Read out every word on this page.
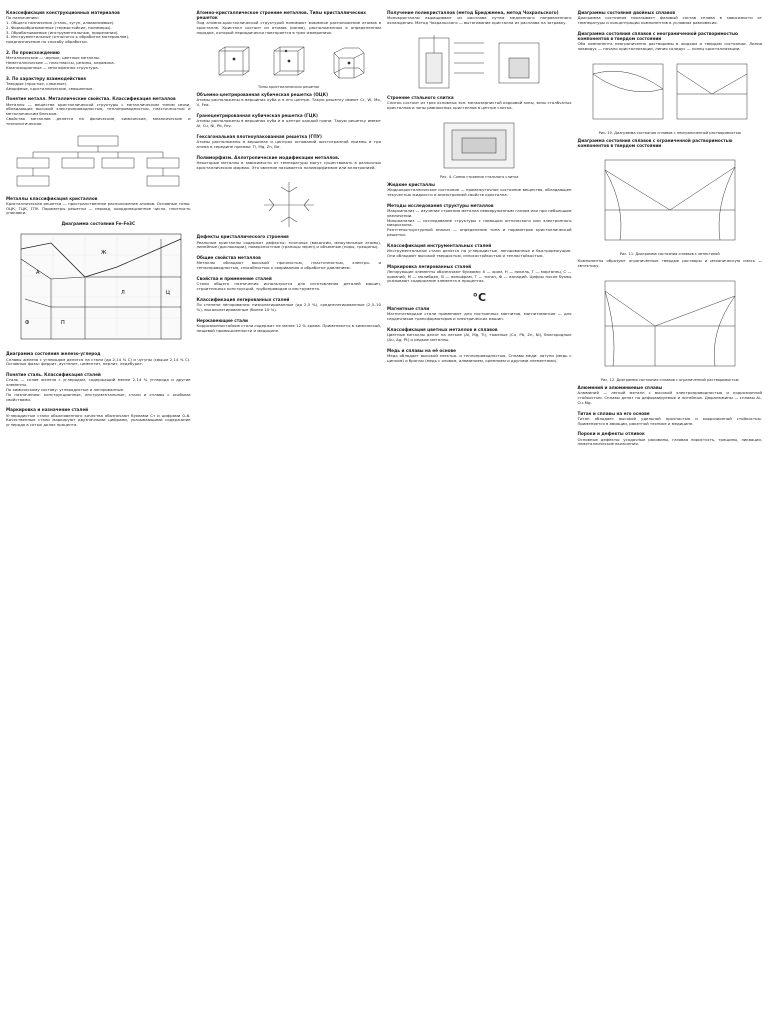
Классификация конструкционных материалов
По назначению:
1. Общего назначения (сталь, чугун, алюминиевые).
2. Формообразованные (термостойкие, полимеры).
3. Обрабатываемые (инструментальные, прорезания).
4. Инструментальные (относятся к обработке материалов).
предназначение по способу обработки.
2. По происхождению
Металлические — черные, цветные металлы.
Неметаллические — пластмассы, резины, керамика.
Композиционные — многофазная структура.
3. По характеру взаимодействия
Твердые (простые, сложные).
Аморфные, кристаллические, смешанные.
Понятие металл. Металлические свойства. Классификация металлов
Металлы — вещества кристаллической структуры с металлическим типом связи, обладающие высокой электропроводностью, теплопроводностью, пластичностью и металлическим блеском.
Свойства металлов делятся на физические, химические, механические и технологические.
Металлы классификация кристаллов
Кристаллическая решетка — пространственное расположение атомов. Основные типы: ОЦК, ГЦК, ГПУ. Параметры решетки — период, координационное число, плотность упаковки.
Диаграмма состояния Fe–Fe3C
Ж
А
Ф	П
Л	Ц
Диаграмма состояния железо-углерод
Сплавы железа с углеродом делятся на стали (до 2,14 % С) и чугуны (свыше 2,14 % С). Основные фазы: феррит, аустенит, цементит, перлит, ледебурит.
Понятие сталь. Классификация сталей
Сталь — сплав железа с углеродом, содержащий менее 2,14 % углерода и другие элементы.
По химическому составу: углеродистые и легированные.
По назначению: конструкционные, инструментальные, стали и сплавы с особыми свойствами.
Маркировка и назначение сталей
Углеродистые стали обыкновенного качества обозначают буквами Ст и цифрами 0–6. Качественные стали маркируют двузначными цифрами, указывающими содержание углерода в сотых долях процента.
Атомно-кристаллическое строение металлов. Типы кристаллических решеток
Под атомно-кристаллической структурой понимают взаимное расположение атомов в кристалле. Кристалл состоит из атомов (ионов), расположенных в определенном порядке, который периодически повторяется в трех измерениях.
Типы кристаллических решеток
Объемно-центрированная кубическая решетка (ОЦК)
Атомы расположены в вершинах куба и в его центре. Такую решетку имеют Cr, W, Mo, V, Feα.
Гранецентрированная кубическая решетка (ГЦК)
Атомы расположены в вершинах куба и в центре каждой грани. Такую решетку имеют Al, Cu, Ni, Pb, Feγ.
Гексагональная плотноупакованная решетка (ГПУ)
Атомы расположены в вершинах и центрах оснований шестигранной призмы и три атома в середине призмы: Ti, Mg, Zn, Be.
Полиморфизм. Аллотропические модификации металлов.
Некоторые металлы в зависимости от температуры могут существовать в различных кристаллических формах. Это явление называется полиморфизмом или аллотропией.
Дефекты кристаллического строения
Реальные кристаллы содержат дефекты: точечные (вакансии, межузельные атомы), линейные (дислокации), поверхностные (границы зерен) и объемные (поры, трещины).
Общие свойства металлов
Металлы обладают высокой прочностью, пластичностью, электро- и теплопроводностью, способностью к свариванию и обработке давлением.
Свойства и применение сталей
Стали общего назначения используются для изготовления деталей машин, строительных конструкций, трубопроводов и инструмента.
Классификация легированных сталей
По степени легирования: низколегированные (до 2,5 %), среднелегированные (2,5–10 %), высоколегированные (более 10 %).
Нержавеющие стали
Коррозионностойкие стали содержат не менее 12 % хрома. Применяются в химической, пищевой промышленности и медицине.
Получение поликристаллов (метод Бриджмена, метод Чохральского)
Монокристаллы выращивают из расплава путем медленного направленного охлаждения. Метод Чохральского — вытягивание кристалла из расплава на затравку.
Строение стального слитка
Слиток состоит из трех основных зон: мелкозернистой корковой зоны, зоны столбчатых кристаллов и зоны равноосных кристаллов в центре слитка.
Рис. 4. Схема строения стального слитка
Жидкие кристаллы
Жидкокристаллическое состояние — промежуточное состояние вещества, обладающее текучестью жидкости и анизотропией свойств кристалла.
Методы исследования структуры металлов
Макроанализ — изучение строения металла невооруженным глазом или при небольшом увеличении.
Микроанализ — исследование структуры с помощью оптического или электронного микроскопа.
Рентгеноструктурный анализ — определение типа и параметров кристаллической решетки.
Классификация инструментальных сталей
Инструментальные стали делятся на углеродистые, легированные и быстрорежущие. Они обладают высокой твердостью, износостойкостью и теплостойкостью.
Маркировка легированных сталей
Легирующие элементы обозначают буквами: Х — хром, Н — никель, Г — марганец, С — кремний, М — молибден, В — вольфрам, Т — титан, Ф — ванадий. Цифры после буквы указывают содержание элемента в процентах.
°С
Магнитные стали
Магнитотвердые стали применяют для постоянных магнитов, магнитомягкие — для сердечников трансформаторов и электрических машин.
Классификация цветных металлов и сплавов
Цветные металлы делят на легкие (Al, Mg, Ti), тяжелые (Cu, Pb, Zn, Ni), благородные (Au, Ag, Pt) и редкие металлы.
Медь и сплавы на её основе
Медь обладает высокой электро- и теплопроводностью. Сплавы меди: латуни (медь с цинком) и бронзы (медь с оловом, алюминием, кремнием и другими элементами).
Диаграммы состояния двойных сплавов
Диаграмма состояния показывает фазовый состав сплава в зависимости от температуры и концентрации компонентов в условиях равновесия.
Диаграмма состояния сплавов с неограниченной растворимостью компонентов в твердом состоянии
Оба компонента неограниченно растворимы в жидком и твердом состоянии. Линия ликвидус — начало кристаллизации, линия солидус — конец кристаллизации.
Рис. 10. Диаграмма состояния сплавов с неограниченной растворимостью
Диаграмма состояния сплавов с ограниченной растворимостью компонентов в твердом состоянии
Рис. 11. Диаграмма состояния сплавов с эвтектикой
Компоненты образуют ограниченные твердые растворы и механическую смесь — эвтектику.
Рис. 12. Диаграмма состояния сплавов с ограниченной растворимостью
Алюминий и алюминиевые сплавы
Алюминий — легкий металл с высокой электропроводностью и коррозионной стойкостью. Сплавы делят на деформируемые и литейные. Дюралюмины — сплавы Al–Cu–Mg.
Титан и сплавы на его основе
Титан обладает высокой удельной прочностью и коррозионной стойкостью. Применяется в авиации, ракетной технике и медицине.
Пороки и дефекты отливок
Основные дефекты: усадочные раковины, газовая пористость, трещины, ликвация, неметаллические включения.
